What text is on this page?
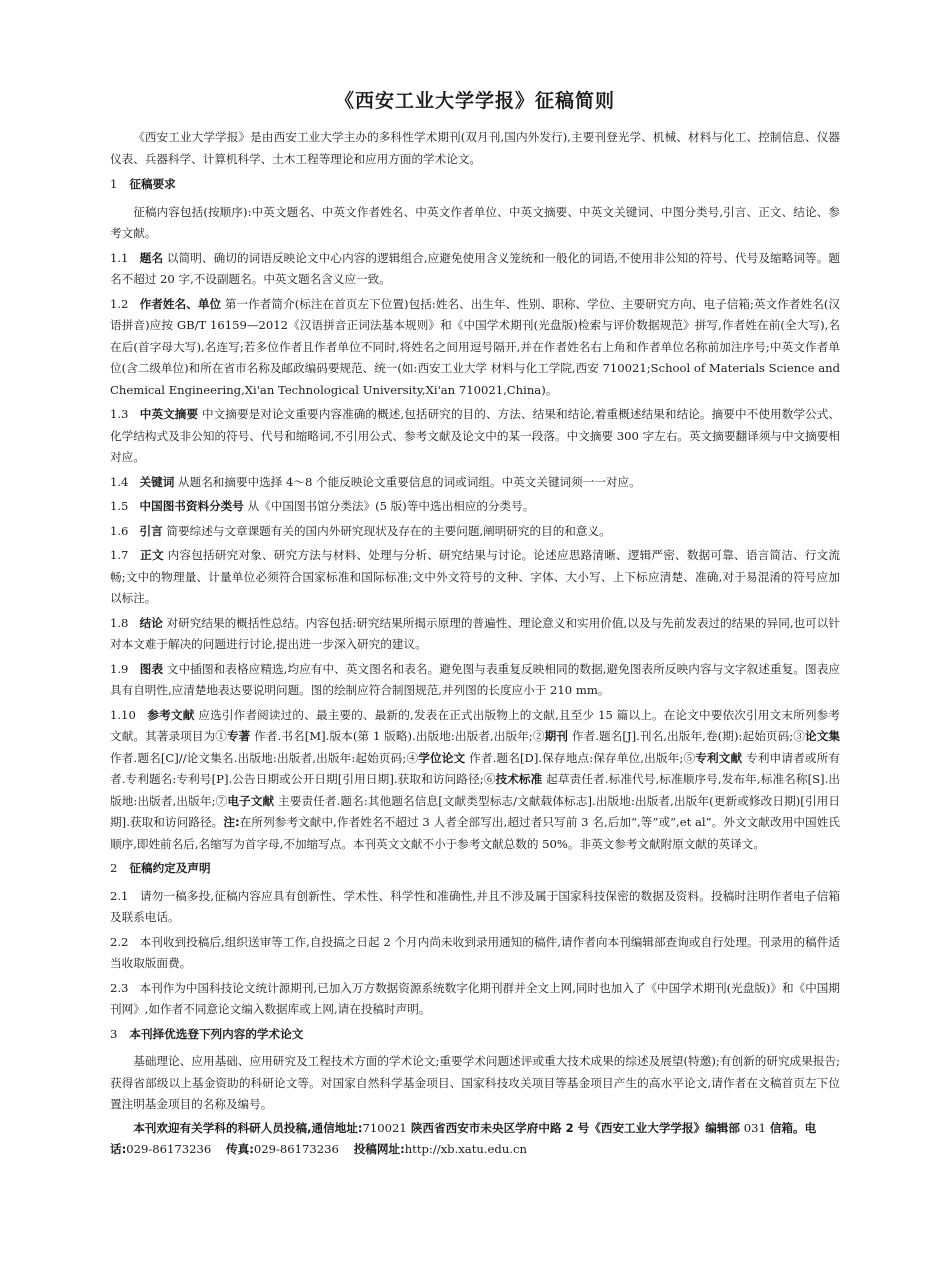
《西安工业大学学报》征稿简则

《西安工业大学学报》是由西安工业大学主办的多科性学术期刊(双月刊,国内外发行),主要刊登光学、机械、材料与化工、控制信息、仪器仪表、兵器科学、计算机科学、土木工程等理论和应用方面的学术论文。

1 征稿要求

征稿内容包括(按顺序):中英文题名、中英文作者姓名、中英文作者单位、中英文摘要、中英文关键词、中图分类号,引言、正文、结论、参考文献。

1.1 题名 以简明、确切的词语反映论文中心内容的逻辑组合,应避免使用含义笼统和一般化的词语,不使用非公知的符号、代号及缩略词等。题名不超过 20 字,不设副题名。中英文题名含义应一致。

1.2 作者姓名、单位 第一作者简介(标注在首页左下位置)包括:姓名、出生年、性别、职称、学位、主要研究方向、电子信箱;英文作者姓名(汉语拼音)应按 GB/T 16159—2012《汉语拼音正词法基本规则》和《中国学术期刊(光盘版)检索与评价数据规范》拼写,作者姓在前(全大写),名在后(首字母大写),名连写;若多位作者且作者单位不同时,将姓名之间用逗号隔开,并在作者姓名右上角和作者单位名称前加注序号;中英文作者单位(含二级单位)和所在省市名称及邮政编码要规范、统一(如:西安工业大学 材料与化工学院,西安 710021;School of Materials Science and Chemical Engineering,Xi'an Technological University,Xi'an 710021,China)。

1.3 中英文摘要 中文摘要是对论文重要内容准确的概述,包括研究的目的、方法、结果和结论,着重概述结果和结论。摘要中不使用数学公式、化学结构式及非公知的符号、代号和缩略词,不引用公式、参考文献及论文中的某一段落。中文摘要 300 字左右。英文摘要翻译须与中文摘要相对应。

1.4 关键词 从题名和摘要中选择 4～8 个能反映论文重要信息的词或词组。中英文关键词须一一对应。

1.5 中国图书资料分类号 从《中国图书馆分类法》(5 版)等中选出相应的分类号。

1.6 引言 简要综述与文章课题有关的国内外研究现状及存在的主要问题,阐明研究的目的和意义。

1.7 正文 内容包括研究对象、研究方法与材料、处理与分析、研究结果与讨论。论述应思路清晰、逻辑严密、数据可靠、语言简洁、行文流畅;文中的物理量、计量单位必须符合国家标准和国际标准;文中外文符号的文种、字体、大小写、上下标应清楚、准确,对于易混淆的符号应加以标注。

1.8 结论 对研究结果的概括性总结。内容包括:研究结果所揭示原理的普遍性、理论意义和实用价值,以及与先前发表过的结果的异同,也可以针对本文难于解决的问题进行讨论,提出进一步深入研究的建议。

1.9 图表 文中插图和表格应精选,均应有中、英文图名和表名。避免图与表重复反映相同的数据,避免图表所反映内容与文字叙述重复。图表应具有自明性,应清楚地表达要说明问题。图的绘制应符合制图规范,并列图的长度应小于 210 mm。

1.10 参考文献 应选引作者阅读过的、最主要的、最新的,发表在正式出版物上的文献,且至少 15 篇以上。在论文中要依次引用文末所列参考文献。其著录项目为①专著 作者.书名[M].版本(第 1 版略).出版地:出版者,出版年;②期刊 作者.题名[J].刊名,出版年,卷(期):起始页码;③论文集 作者.题名[C]//论文集名.出版地:出版者,出版年:起始页码;④学位论文 作者.题名[D].保存地点:保存单位,出版年;⑤专利文献 专利申请者或所有者.专利题名:专利号[P].公告日期或公开日期[引用日期].获取和访问路径;⑥技术标准 起草责任者.标准代号,标准顺序号,发布年,标准名称[S].出版地:出版者,出版年;⑦电子文献 主要责任者.题名:其他题名信息[文献类型标志/文献载体标志].出版地:出版者,出版年(更新或修改日期)[引用日期].获取和访问路径。注:在所列参考文献中,作者姓名不超过 3 人者全部写出,超过者只写前 3 名,后加“,等”或“,et al”。外文文献改用中国姓氏顺序,即姓前名后,名缩写为首字母,不加缩写点。本刊英文文献不小于参考文献总数的 50%。非英文参考文献附原文献的英译文。

2 征稿约定及声明

2.1 请勿一稿多投,征稿内容应具有创新性、学术性、科学性和准确性,并且不涉及属于国家科技保密的数据及资料。投稿时注明作者电子信箱及联系电话。

2.2 本刊收到投稿后,组织送审等工作,自投搞之日起 2 个月内尚未收到录用通知的稿件,请作者向本刊编辑部查询或自行处理。刊录用的稿件适当收取版面费。

2.3 本刊作为中国科技论文统计源期刊,已加入万方数据资源系统数字化期刊群并全文上网,同时也加入了《中国学术期刊(光盘版)》和《中国期刊网》,如作者不同意论文编入数据库或上网,请在投稿时声明。

3 本刊择优选登下列内容的学术论文

基础理论、应用基础、应用研究及工程技术方面的学术论文;重要学术问题述评或重大技术成果的综述及展望(特邀);有创新的研究成果报告;获得省部级以上基金资助的科研论文等。对国家自然科学基金项目、国家科技攻关项目等基金项目产生的高水平论文,请作者在文稿首页左下位置注明基金项目的名称及编号。

本刊欢迎有关学科的科研人员投稿,通信地址:710021 陕西省西安市未央区学府中路 2 号《西安工业大学学报》编辑部 031 信箱。电话:029-86173236 传真:029-86173236 投稿网址:http://xb.xatu.edu.cn
